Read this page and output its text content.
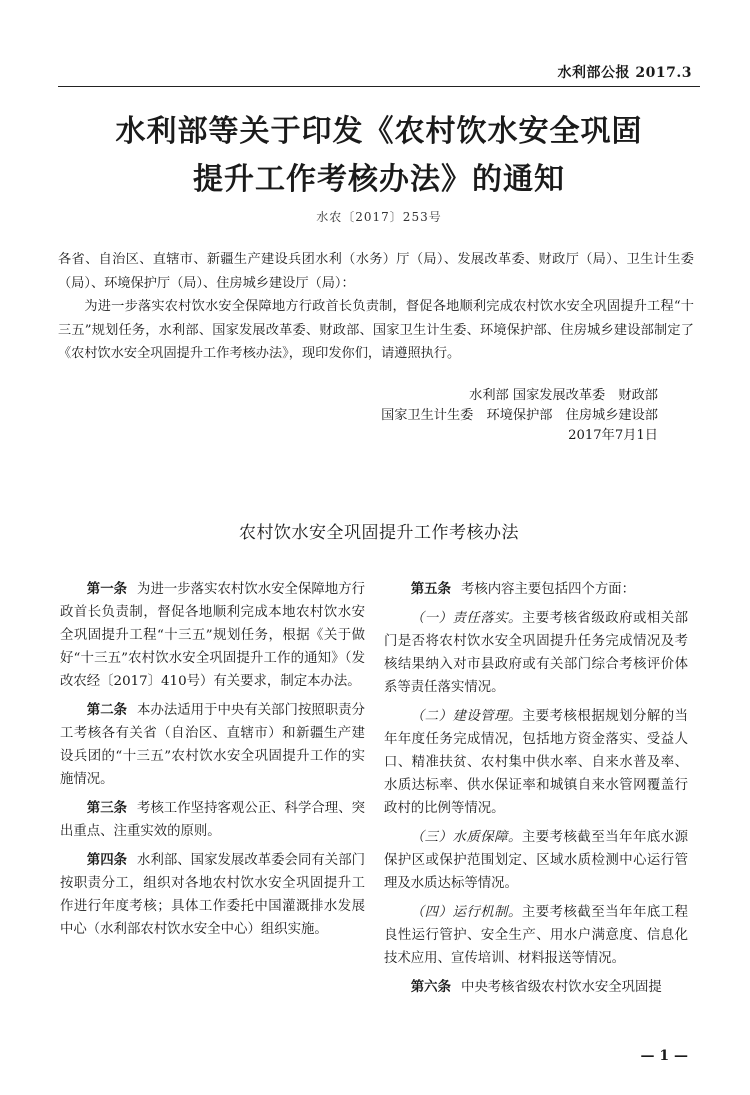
水利部公报 2017.3
水利部等关于印发《农村饮水安全巩固
提升工作考核办法》的通知
水农〔2017〕253号

各省、自治区、直辖市、新疆生产建设兵团水利（水务）厅（局）、发展改革委、财政厅（局）、卫生计生委（局）、环境保护厅（局）、住房城乡建设厅（局）：

为进一步落实农村饮水安全保障地方行政首长负责制，督促各地顺利完成农村饮水安全巩固提升工程“十三五”规划任务，水利部、国家发展改革委、财政部、国家卫生计生委、环境保护部、住房城乡建设部制定了《农村饮水安全巩固提升工作考核办法》，现印发你们，请遵照执行。

水利部 国家发展改革委　财政部
国家卫生计生委　环境保护部　住房城乡建设部
2017年7月1日
农村饮水安全巩固提升工作考核办法

第一条 为进一步落实农村饮水安全保障地方行政首长负责制，督促各地顺利完成本地农村饮水安全巩固提升工程“十三五”规划任务，根据《关于做好“十三五”农村饮水安全巩固提升工作的通知》（发改农经〔2017〕410号）有关要求，制定本办法。

第二条 本办法适用于中央有关部门按照职责分工考核各有关省（自治区、直辖市）和新疆生产建设兵团的“十三五”农村饮水安全巩固提升工作的实施情况。

第三条 考核工作坚持客观公正、科学合理、突出重点、注重实效的原则。

第四条 水利部、国家发展改革委会同有关部门按职责分工，组织对各地农村饮水安全巩固提升工作进行年度考核；具体工作委托中国灌溉排水发展中心（水利部农村饮水安全中心）组织实施。

第五条 考核内容主要包括四个方面：

（一）责任落实。主要考核省级政府或相关部门是否将农村饮水安全巩固提升任务完成情况及考核结果纳入对市县政府或有关部门综合考核评价体系等责任落实情况。

（二）建设管理。主要考核根据规划分解的当年年度任务完成情况，包括地方资金落实、受益人口、精准扶贫、农村集中供水率、自来水普及率、水质达标率、供水保证率和城镇自来水管网覆盖行政村的比例等情况。

（三）水质保障。主要考核截至当年年底水源保护区或保护范围划定、区域水质检测中心运行管理及水质达标等情况。

（四）运行机制。主要考核截至当年年底工程良性运行管护、安全生产、用水户满意度、信息化技术应用、宣传培训、材料报送等情况。

第六条 中央考核省级农村饮水安全巩固提

— 1 —
